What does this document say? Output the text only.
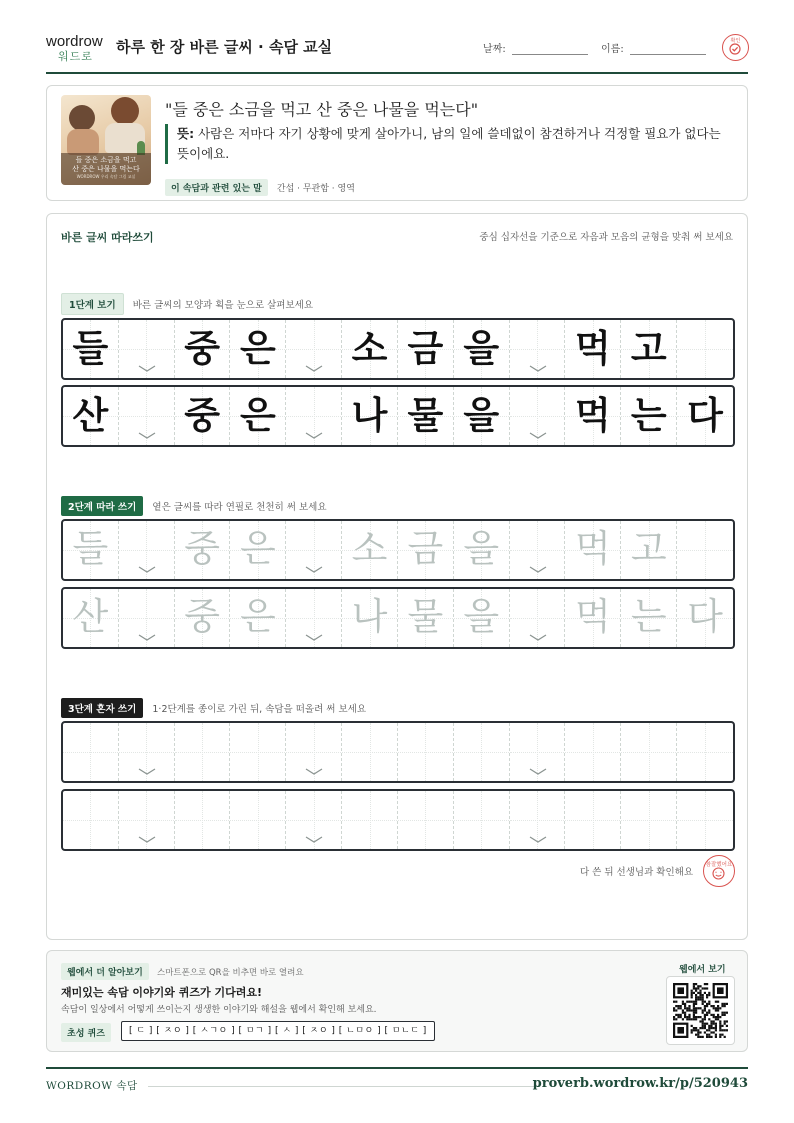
wordrow
워드로
하루 한 장 바른 글씨 · 속담 교실	날짜:	이름:
확인
들 중은 소금을 먹고
산 중은 나물을 먹는다
WORDROW 우리 속담 그림 교실
"들 중은 소금을 먹고 산 중은 나물을 먹는다"
뜻: 사람은 저마다 자기 상황에 맞게 살아가니, 남의 일에 쓸데없이 참견하거나 걱정할 필요가 없다는 뜻이에요.
이 속담과 관련 있는 말 간섭 · 무관함 · 영역
바른 글씨 따라쓰기	중심 십자선을 기준으로 자음과 모음의 균형을 맞춰 써 보세요
1단계 보기 바른 글씨의 모양과 획을 눈으로 살펴보세요
들 중 은 소 금 을 먹 고
산 중 은 나 물 을 먹 는 다
2단계 따라 쓰기 옅은 글씨를 따라 연필로 천천히 써 보세요
들 중 은 소 금 을 먹 고
산 중 은 나 물 을 먹 는 다
3단계 혼자 쓰기 1·2단계를 종이로 가린 뒤, 속담을 떠올려 써 보세요
다 쓴 뒤 선생님과 확인해요
참잘했어요
웹에서 더 알아보기	스마트폰으로 QR을 비추면 바로 열려요
재미있는 속담 이야기와 퀴즈가 기다려요!
속담이 일상에서 어떻게 쓰이는지 생생한 이야기와 해설을 웹에서 확인해 보세요.
초성 퀴즈	[ ㄷ ] [ ㅈㅇ ] [ ㅅㄱㅇ ] [ ㅁㄱ ] [ ㅅ ] [ ㅈㅇ ] [ ㄴㅁㅇ ] [ ㅁㄴㄷ ]
웹에서 보기
WORDROW 속담	proverb.wordrow.kr/p/520943
